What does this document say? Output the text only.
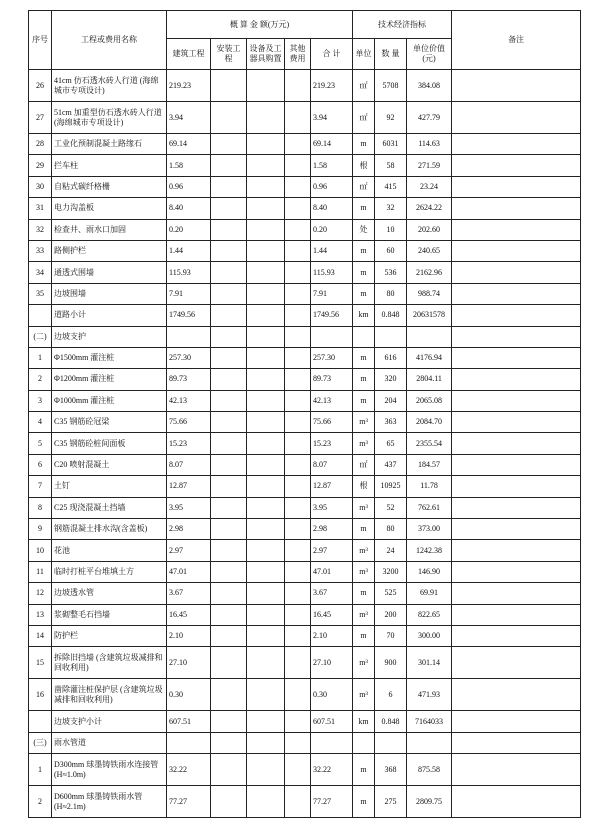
序号	工程或费用名称	概 算 金 额(万元)					技术经济指标			备注
		建筑工程	安装工程	设备及工器具购置	其他费用	合 计	单位	数 量	单位价值(元)	
26	41cm 仿石透水砖人行道 (海绵城市专项设计)	219.23				219.23	㎡	5708	384.08	
27	51cm 加重型仿石透水砖人行道 (海绵城市专项设计)	3.94				3.94	㎡	92	427.79	
28	工业化预制混凝土路缘石	69.14				69.14	m	6031	114.63	
29	拦车柱	1.58				1.58	根	58	271.59	
30	自粘式碳纤格栅	0.96				0.96	㎡	415	23.24	
31	电力沟盖板	8.40				8.40	m	32	2624.22	
32	检查井、雨水口加固	0.20				0.20	处	10	202.60	
33	路侧护栏	1.44				1.44	m	60	240.65	
34	通透式围墙	115.93				115.93	m	536	2162.96	
35	边坡围墙	7.91				7.91	m	80	988.74	
	道路小计	1749.56				1749.56	km	0.848	20631578	
(二)	边坡支护									
1	Φ1500mm 灌注桩	257.30				257.30	m	616	4176.94	
2	Φ1200mm 灌注桩	89.73				89.73	m	320	2804.11	
3	Φ1000mm 灌注桩	42.13				42.13	m	204	2065.08	
4	C35 钢筋砼冠梁	75.66				75.66	m³	363	2084.70	
5	C35 钢筋砼桩间面板	15.23				15.23	m³	65	2355.54	
6	C20 喷射混凝土	8.07				8.07	㎡	437	184.57	
7	土钉	12.87				12.87	根	10925	11.78	
8	C25 现浇混凝土挡墙	3.95				3.95	m³	52	762.61	
9	钢筋混凝土排水沟(含盖板)	2.98				2.98	m	80	373.00	
10	花池	2.97				2.97	m³	24	1242.38	
11	临时打桩平台堆填土方	47.01				47.01	m³	3200	146.90	
12	边坡透水管	3.67				3.67	m	525	69.91	
13	浆砌整毛石挡墙	16.45				16.45	m³	200	822.65	
14	防护栏	2.10				2.10	m	70	300.00	
15	拆除旧挡墙 (含建筑垃圾减排和回收利用)	27.10				27.10	m³	900	301.14	
16	凿除灌注桩保护层 (含建筑垃圾减排和回收利用)	0.30				0.30	m³	6	471.93	
	边坡支护小计	607.51				607.51	km	0.848	7164033	
(三)	雨水管道									
1	D300mm 球墨铸铁雨水连接管(H≈1.0m)	32.22				32.22	m	368	875.58	
2	D600mm 球墨铸铁雨水管(H≈2.1m)	77.27				77.27	m	275	2809.75	
